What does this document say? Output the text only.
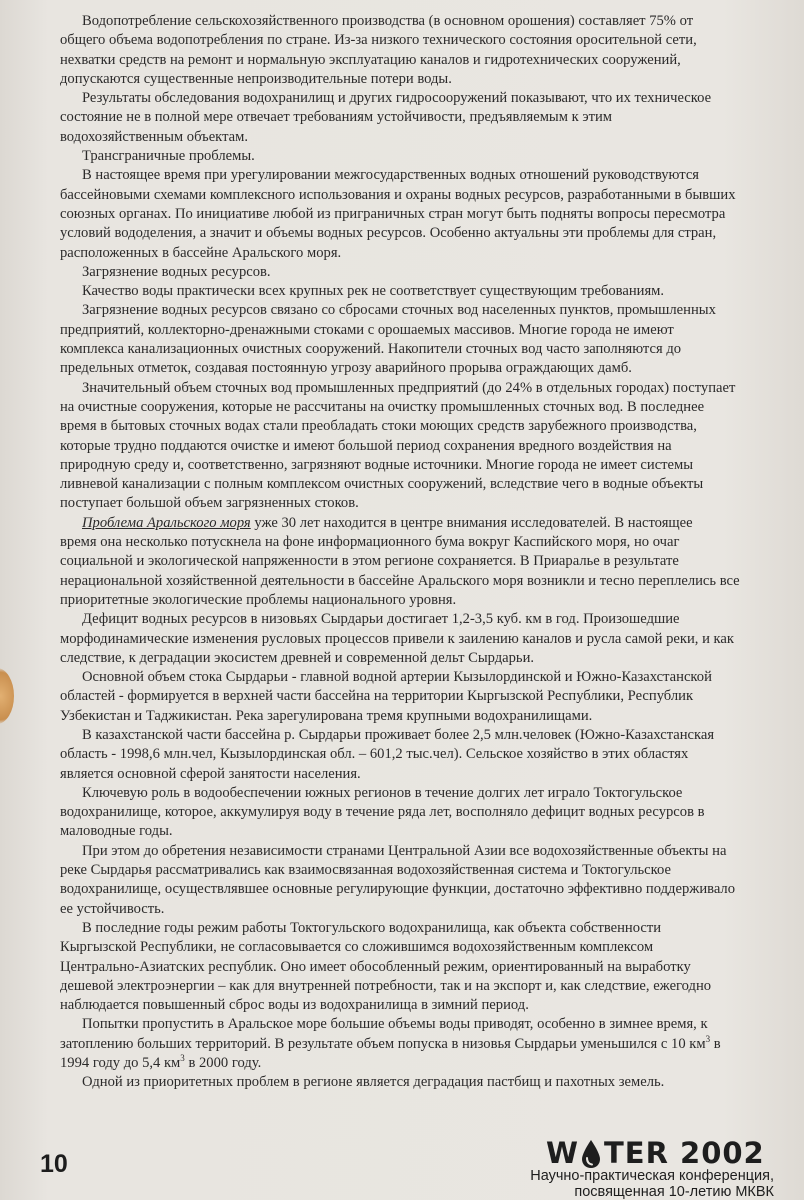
Водопотребление сельскохозяйственного производства (в основном орошения) составляет 75% от
общего объема водопотребления по стране. Из-за низкого технического состояния оросительной сети,
нехватки средств на ремонт и нормальную эксплуатацию каналов и гидротехнических сооружений,
допускаются существенные непроизводительные потери воды.
Результаты обследования водохранилищ и других гидросооружений показывают, что их техническое
состояние не в полной мере отвечает требованиям устойчивости, предъявляемым к этим
водохозяйственным объектам.
Трансграничные проблемы.
В настоящее время при урегулировании межгосударственных водных отношений руководствуются
бассейновыми схемами комплексного использования и охраны водных ресурсов, разработанными в бывших
союзных органах. По инициативе любой из приграничных стран могут быть подняты вопросы пересмотра
условий вододеления, а значит и объемы водных ресурсов. Особенно актуальны эти проблемы для стран,
расположенных в бассейне Аральского моря.
Загрязнение водных ресурсов.
Качество воды практически всех крупных рек не соответствует существующим требованиям.
Загрязнение водных ресурсов связано со сбросами сточных вод населенных пунктов, промышленных
предприятий, коллекторно-дренажными стоками с орошаемых массивов. Многие города не имеют
комплекса канализационных очистных сооружений. Накопители сточных вод часто заполняются до
предельных отметок, создавая постоянную угрозу аварийного прорыва ограждающих дамб.
Значительный объем сточных вод промышленных предприятий (до 24% в отдельных городах) поступает
на очистные сооружения, которые не рассчитаны на очистку промышленных сточных вод. В последнее
время в бытовых сточных водах стали преобладать стоки моющих средств зарубежного производства,
которые трудно поддаются очистке и имеют большой период сохранения вредного воздействия на
природную среду и, соответственно, загрязняют водные источники. Многие города не имеет системы
ливневой канализации с полным комплексом очистных сооружений, вследствие чего в водные объекты
поступает большой объем загрязненных стоков.
Проблема Аральского моря уже 30 лет находится в центре внимания исследователей. В настоящее
время она несколько потускнела на фоне информационного бума вокруг Каспийского моря, но очаг
социальной и экологической напряженности в этом регионе сохраняется. В Приаралье в результате
нерациональной хозяйственной деятельности в бассейне Аральского моря возникли и тесно переплелись все
приоритетные экологические проблемы национального уровня.
Дефицит водных ресурсов в низовьях Сырдарьи достигает 1,2-3,5 куб. км в год. Произошедшие
морфодинамические изменения русловых процессов привели к заилению каналов и русла самой реки, и как
следствие, к деградации экосистем древней и современной дельт Сырдарьи.
Основной объем стока Сырдарьи - главной водной артерии Кызылординской и Южно-Казахстанской
областей - формируется в верхней части бассейна на территории Кыргызской Республики, Республик
Узбекистан и Таджикистан. Река зарегулирована тремя крупными водохранилищами.
В казахстанской части бассейна р. Сырдарьи проживает более 2,5 млн.человек (Южно-Казахстанская
область - 1998,6 млн.чел, Кызылординская обл. – 601,2 тыс.чел). Сельское хозяйство в этих областях
является основной сферой занятости населения.
Ключевую роль в водообеспечении южных регионов в течение долгих лет играло Токтогульское
водохранилище, которое, аккумулируя воду в течение ряда лет, восполняло дефицит водных ресурсов в
маловодные годы.
При этом до обретения независимости странами Центральной Азии все водохозяйственные объекты на
реке Сырдарья рассматривались как взаимосвязанная водохозяйственная система и Токтогульское
водохранилище, осуществлявшее основные регулирующие функции, достаточно эффективно поддерживало
ее устойчивость.
В последние годы режим работы Токтогульского водохранилища, как объекта собственности
Кыргызской Республики, не согласовывается со сложившимся водохозяйственным комплексом
Центрально-Азиатских республик. Оно имеет обособленный режим, ориентированный на выработку
дешевой электроэнергии – как для внутренней потребности, так и на экспорт и, как следствие, ежегодно
наблюдается повышенный сброс воды из водохранилища в зимний период.
Попытки пропустить в Аральское море большие объемы воды приводят, особенно в зимнее время, к
затоплению больших территорий. В результате объем попуска в низовья Сырдарьи уменьшился с 10 $км^3$ в
1994 году до 5,4 $км^3$ в 2000 году.
Одной из приоритетных проблем в регионе является деградация пастбищ и пахотных земель.
10	W TER 2002
Научно-практическая конференция,
посвященная 10-летию МКВК
